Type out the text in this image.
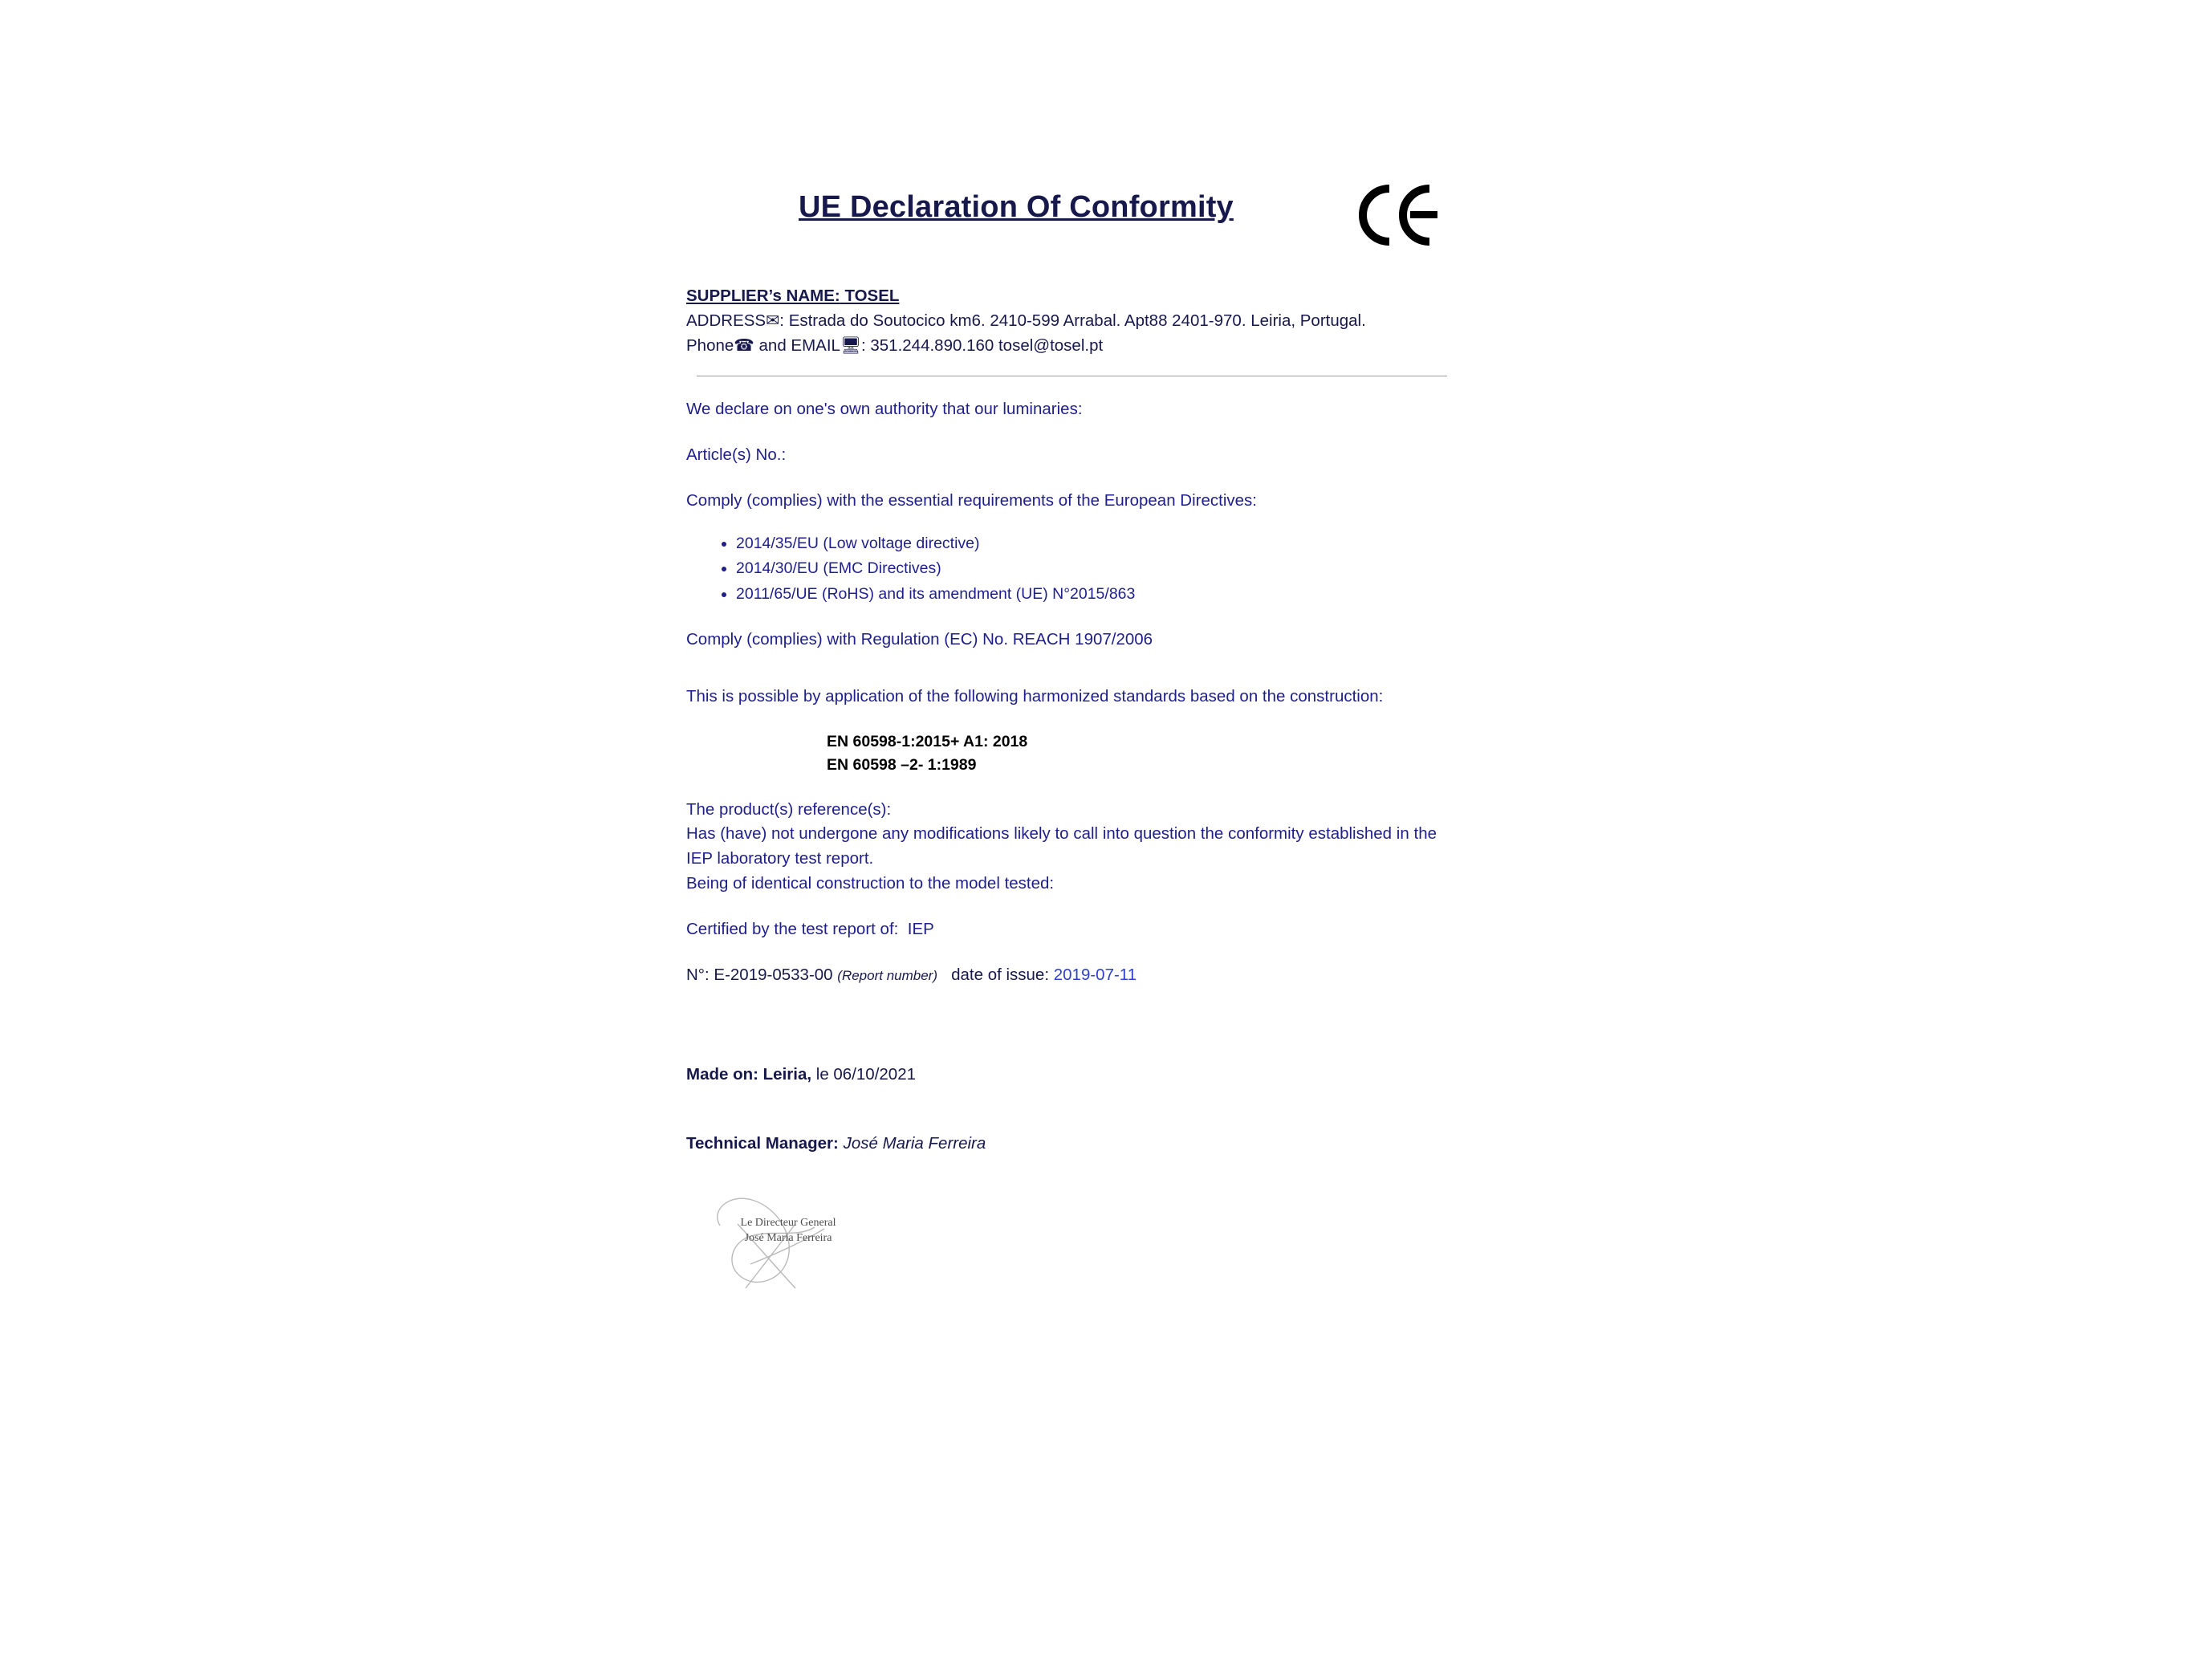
UE Declaration Of Conformity
SUPPLIER’s NAME: TOSEL
ADDRESS✉: Estrada do Soutocico km6. 2410-599 Arrabal. Apt88 2401-970. Leiria, Portugal.
Phone☎ and EMAIL🖥: 351.244.890.160 tosel@tosel.pt
We declare on one's own authority that our luminaries:
Article(s) No.:
Comply (complies) with the essential requirements of the European Directives:
• 2014/35/EU (Low voltage directive)
• 2014/30/EU (EMC Directives)
• 2011/65/UE (RoHS) and its amendment (UE) N°2015/863
Comply (complies) with Regulation (EC) No. REACH 1907/2006
This is possible by application of the following harmonized standards based on the construction:
EN 60598-1:2015+ A1: 2018
EN 60598 –2- 1:1989
The product(s) reference(s):
Has (have) not undergone any modifications likely to call into question the conformity established in the IEP laboratory test report.
Being of identical construction to the model tested:
Certified by the test report of: IEP
N°: E-2019-0533-00 (Report number) date of issue: 2019-07-11
Made on: Leiria, le 06/10/2021
Technical Manager: José Maria Ferreira
Le Directeur General
José Maria Ferreira
